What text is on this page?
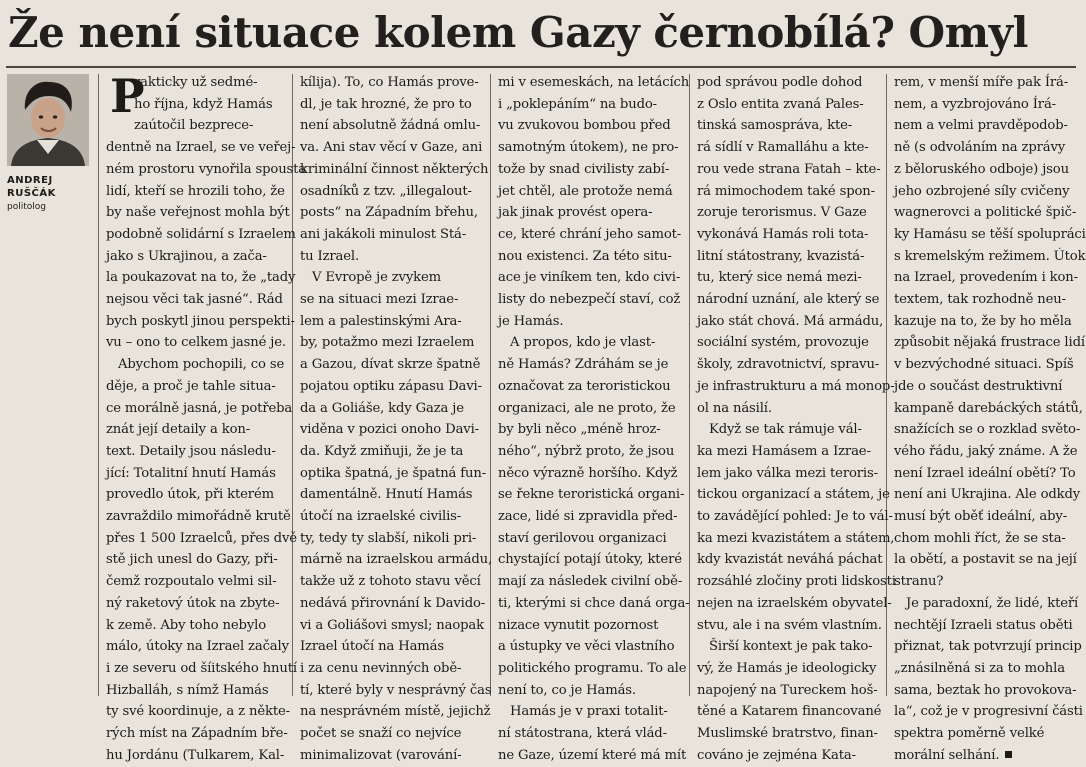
Že není situace kolem Gazy černobílá? Omyl
ANDREJ RUŠČÁK
politolog
P
rakticky už sedmé-
ho října, když Hamás
zaútočil bezprece-
dentně na Izrael, se ve veřej-
ném prostoru vynořila spousta
lidí, kteří se hrozili toho, že
by naše veřejnost mohla být
podobně solidární s Izraelem
jako s Ukrajinou, a zača-
la poukazovat na to, že „tady
nejsou věci tak jasné“. Rád
bych poskytl jinou perspekti-
vu – ono to celkem jasné je.
Abychom pochopili, co se
děje, a proč je tahle situa-
ce morálně jasná, je potřeba
znát její detaily a kon-
text. Detaily jsou následu-
jící: Totalitní hnutí Hamás
provedlo útok, při kterém
zavraždilo mimořádně krutě
přes 1 500 Izraelců, přes dvě
stě jich unesl do Gazy, při-
čemž rozpoutalo velmi sil-
ný raketový útok na zbyte-
k země. Aby toho nebylo
málo, útoky na Izrael začaly
i ze severu od šíitského hnutí
Hizballáh, s nímž Hamás
ty své koordinuje, a z někte-
rých míst na Západním bře-
hu Jordánu (Tulkarem, Kal-
kílija). To, co Hamás prove-
dl, je tak hrozné, že pro to
není absolutně žádná omlu-
va. Ani stav věcí v Gaze, ani
kriminální činnost některých
osadníků z tzv. „illegalout-
posts“ na Západním břehu,
ani jakákoli minulost Stá-
tu Izrael.
V Evropě je zvykem
se na situaci mezi Izrae-
lem a palestinskými Ara-
by, potažmo mezi Izraelem
a Gazou, dívat skrze špatně
pojatou optiku zápasu Davi-
da a Goliáše, kdy Gaza je
viděna v pozici onoho Davi-
da. Když zmiňuji, že je ta
optika špatná, je špatná fun-
damentálně. Hnutí Hamás
útočí na izraelské civilis-
ty, tedy ty slabší, nikoli pri-
márně na izraelskou armádu,
takže už z tohoto stavu věcí
nedává přirovnání k Davido-
vi a Goliášovi smysl; naopak
Izrael útočí na Hamás
i za cenu nevinných obě-
tí, které byly v nesprávný čas
na nesprávném místě, jejichž
počet se snaží co nejvíce
minimalizovat (varování-
mi v esemeskách, na letácích
i „poklepáním“ na budo-
vu zvukovou bombou před
samotným útokem), ne pro-
tože by snad civilisty zabí-
jet chtěl, ale protože nemá
jak jinak provést opera-
ce, které chrání jeho samot-
nou existenci. Za této situ-
ace je viníkem ten, kdo civi-
listy do nebezpečí staví, což
je Hamás.
A propos, kdo je vlast-
ně Hamás? Zdráhám se je
označovat za teroristickou
organizaci, ale ne proto, že
by byli něco „méně hroz-
ného“, nýbrž proto, že jsou
něco výrazně horšího. Když
se řekne teroristická organi-
zace, lidé si zpravidla před-
staví gerilovou organizaci
chystající potají útoky, které
mají za následek civilní obě-
ti, kterými si chce daná orga-
nizace vynutit pozornost
a ústupky ve věci vlastního
politického programu. To ale
není to, co je Hamás.
Hamás je v praxi totalit-
ní státostrana, která vlád-
ne Gaze, území které má mít
pod správou podle dohod
z Oslo entita zvaná Pales-
tinská samospráva, kte-
rá sídlí v Ramalláhu a kte-
rou vede strana Fatah – kte-
rá mimochodem také spon-
zoruje terorismus. V Gaze
vykonává Hamás roli tota-
litní státostrany, kvazistá-
tu, který sice nemá mezi-
národní uznání, ale který se
jako stát chová. Má armádu,
sociální systém, provozuje
školy, zdravotnictví, spravu-
je infrastrukturu a má monop-
ol na násilí.
Když se tak rámuje vál-
ka mezi Hamásem a Izrae-
lem jako válka mezi teroris-
tickou organizací a státem, je
to zavádějící pohled: Je to vál-
ka mezi kvazistátem a státem,
kdy kvazistát neváhá páchat
rozsáhlé zločiny proti lidskosti
nejen na izraelském obyvatel-
stvu, ale i na svém vlastním.
Širší kontext je pak tako-
vý, že Hamás je ideologicky
napojený na Tureckem hoš-
těné a Katarem financované
Muslimské bratrstvo, finan-
cováno je zejména Kata-
rem, v menší míře pak Írá-
nem, a vyzbrojováno Írá-
nem a velmi pravděpodob-
ně (s odvoláním na zprávy
z běloruského odboje) jsou
jeho ozbrojené síly cvičeny
wagnerovci a politické špič-
ky Hamásu se těší spolupráci
s kremelským režimem. Útok
na Izrael, provedením i kon-
textem, tak rozhodně neu-
kazuje na to, že by ho měla
způsobit nějaká frustrace lidí
v bezvýchodné situaci. Spíš
jde o součást destruktivní
kampaně darebáckých států,
snažících se o rozklad světo-
vého řádu, jaký známe. A že
není Izrael ideální obětí? To
není ani Ukrajina. Ale odkdy
musí být oběť ideální, aby-
chom mohli říct, že se sta-
la obětí, a postavit se na její
stranu?
Je paradoxní, že lidé, kteří
nechtějí Izraeli status oběti
přiznat, tak potvrzují princip
„znásilněná si za to mohla
sama, beztak ho provokova-
la“, což je v progresivní části
spektra poměrně velké
morální selhání.
